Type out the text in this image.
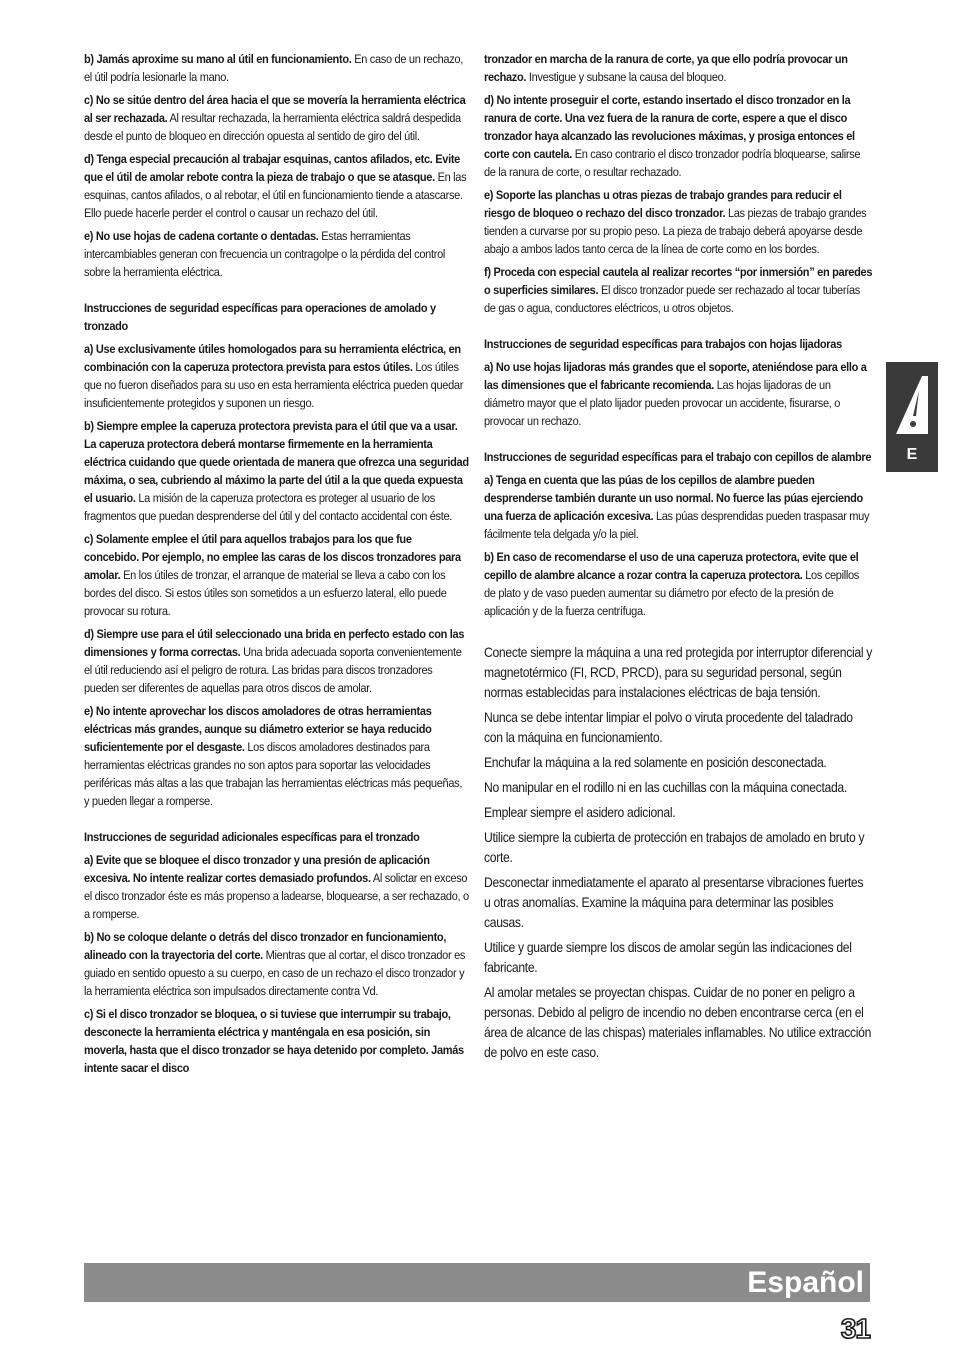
b) Jamás aproxime su mano al útil en funcionamiento. En caso de un rechazo, el útil podría lesionarle la mano.

c) No se sitúe dentro del área hacia el que se movería la herramienta eléctrica al ser rechazada. Al resultar rechazada, la herramienta eléctrica saldrá despedida desde el punto de bloqueo en dirección opuesta al sentido de giro del útil.

d) Tenga especial precaución al trabajar esquinas, cantos afilados, etc. Evite que el útil de amolar rebote contra la pieza de trabajo o que se atasque. En las esquinas, cantos afilados, o al rebotar, el útil en funcionamiento tiende a atascarse. Ello puede hacerle perder el control o causar un rechazo del útil.

e) No use hojas de cadena cortante o dentadas. Estas herramientas intercambiables generan con frecuencia un contragolpe o la pérdida del control sobre la herramienta eléctrica.

Instrucciones de seguridad específicas para operaciones de amolado y tronzado

a) Use exclusivamente útiles homologados para su herramienta eléctrica, en combinación con la caperuza protectora prevista para estos útiles. Los útiles que no fueron diseñados para su uso en esta herramienta eléctrica pueden quedar insuficientemente protegidos y suponen un riesgo.

b) Siempre emplee la caperuza protectora prevista para el útil que va a usar. La caperuza protectora deberá montarse firmemente en la herramienta eléctrica cuidando que quede orientada de manera que ofrezca una seguridad máxima, o sea, cubriendo al máximo la parte del útil a la que queda expuesta el usuario. La misión de la caperuza protectora es proteger al usuario de los fragmentos que puedan desprenderse del útil y del contacto accidental con éste.

c) Solamente emplee el útil para aquellos trabajos para los que fue concebido. Por ejemplo, no emplee las caras de los discos tronzadores para amolar. En los útiles de tronzar, el arranque de material se lleva a cabo con los bordes del disco. Si estos útiles son sometidos a un esfuerzo lateral, ello puede provocar su rotura.

d) Siempre use para el útil seleccionado una brida en perfecto estado con las dimensiones y forma correctas. Una brida adecuada soporta convenientemente el útil reduciendo así el peligro de rotura. Las bridas para discos tronzadores pueden ser diferentes de aquellas para otros discos de amolar.

e) No intente aprovechar los discos amoladores de otras herramientas eléctricas más grandes, aunque su diámetro exterior se haya reducido suficientemente por el desgaste. Los discos amoladores destinados para herramientas eléctricas grandes no son aptos para soportar las velocidades periféricas más altas a las que trabajan las herramientas eléctricas más pequeñas, y pueden llegar a romperse.

Instrucciones de seguridad adicionales específicas para el tronzado

a) Evite que se bloquee el disco tronzador y una presión de aplicación excesiva. No intente realizar cortes demasiado profundos. Al solictar en exceso el disco tronzador éste es más propenso a ladearse, bloquearse, a ser rechazado, o a romperse.

b) No se coloque delante o detrás del disco tronzador en funcionamiento, alineado con la trayectoria del corte. Mientras que al cortar, el disco tronzador es guiado en sentido opuesto a su cuerpo, en caso de un rechazo el disco tronzador y la herramienta eléctrica son impulsados directamente contra Vd.

c) Si el disco tronzador se bloquea, o si tuviese que interrumpir su trabajo, desconecte la herramienta eléctrica y manténgala en esa posición, sin moverla, hasta que el disco tronzador se haya detenido por completo. Jamás intente sacar el disco

tronzador en marcha de la ranura de corte, ya que ello podría provocar un rechazo. Investigue y subsane la causa del bloqueo.

d) No intente proseguir el corte, estando insertado el disco tronzador en la ranura de corte. Una vez fuera de la ranura de corte, espere a que el disco tronzador haya alcanzado las revoluciones máximas, y prosiga entonces el corte con cautela. En caso contrario el disco tronzador podría bloquearse, salirse de la ranura de corte, o resultar rechazado.

e) Soporte las planchas u otras piezas de trabajo grandes para reducir el riesgo de bloqueo o rechazo del disco tronzador. Las piezas de trabajo grandes tienden a curvarse por su propio peso. La pieza de trabajo deberá apoyarse desde abajo a ambos lados tanto cerca de la línea de corte como en los bordes.

f) Proceda con especial cautela al realizar recortes “por inmersión” en paredes o superficies similares. El disco tronzador puede ser rechazado al tocar tuberías de gas o agua, conductores eléctricos, u otros objetos.

Instrucciones de seguridad específicas para trabajos con hojas lijadoras

a) No use hojas lijadoras más grandes que el soporte, ateniéndose para ello a las dimensiones que el fabricante recomienda. Las hojas lijadoras de un diámetro mayor que el plato lijador pueden provocar un accidente, fisurarse, o provocar un rechazo.

Instrucciones de seguridad específicas para el trabajo con cepillos de alambre

a) Tenga en cuenta que las púas de los cepillos de alambre pueden desprenderse también durante un uso normal. No fuerce las púas ejerciendo una fuerza de aplicación excesiva. Las púas desprendidas pueden traspasar muy fácilmente tela delgada y/o la piel.

b) En caso de recomendarse el uso de una caperuza protectora, evite que el cepillo de alambre alcance a rozar contra la caperuza protectora. Los cepillos de plato y de vaso pueden aumentar su diámetro por efecto de la presión de aplicación y de la fuerza centrífuga.

Conecte siempre la máquina a una red protegida por interruptor diferencial y magnetotérmico (FI, RCD, PRCD), para su seguridad personal, según normas establecidas para instalaciones eléctricas de baja tensión.

Nunca se debe intentar limpiar el polvo o viruta procedente del taladrado con la máquina en funcionamiento.

Enchufar la máquina a la red solamente en posición desconectada.

No manipular en el rodillo ni en las cuchillas con la máquina conectada.

Emplear siempre el asidero adicional.

Utilice siempre la cubierta de protección en trabajos de amolado en bruto y corte.

Desconectar inmediatamente el aparato al presentarse vibraciones fuertes u otras anomalías. Examine la máquina para determinar las posibles causas.

Utilice y guarde siempre los discos de amolar según las indicaciones del fabricante.

Al amolar metales se proyectan chispas. Cuidar de no poner en peligro a personas. Debido al peligro de incendio no deben encontrarse cerca (en el área de alcance de las chispas) materiales inflamables. No utilice extracción de polvo en este caso.

E
Español
31
